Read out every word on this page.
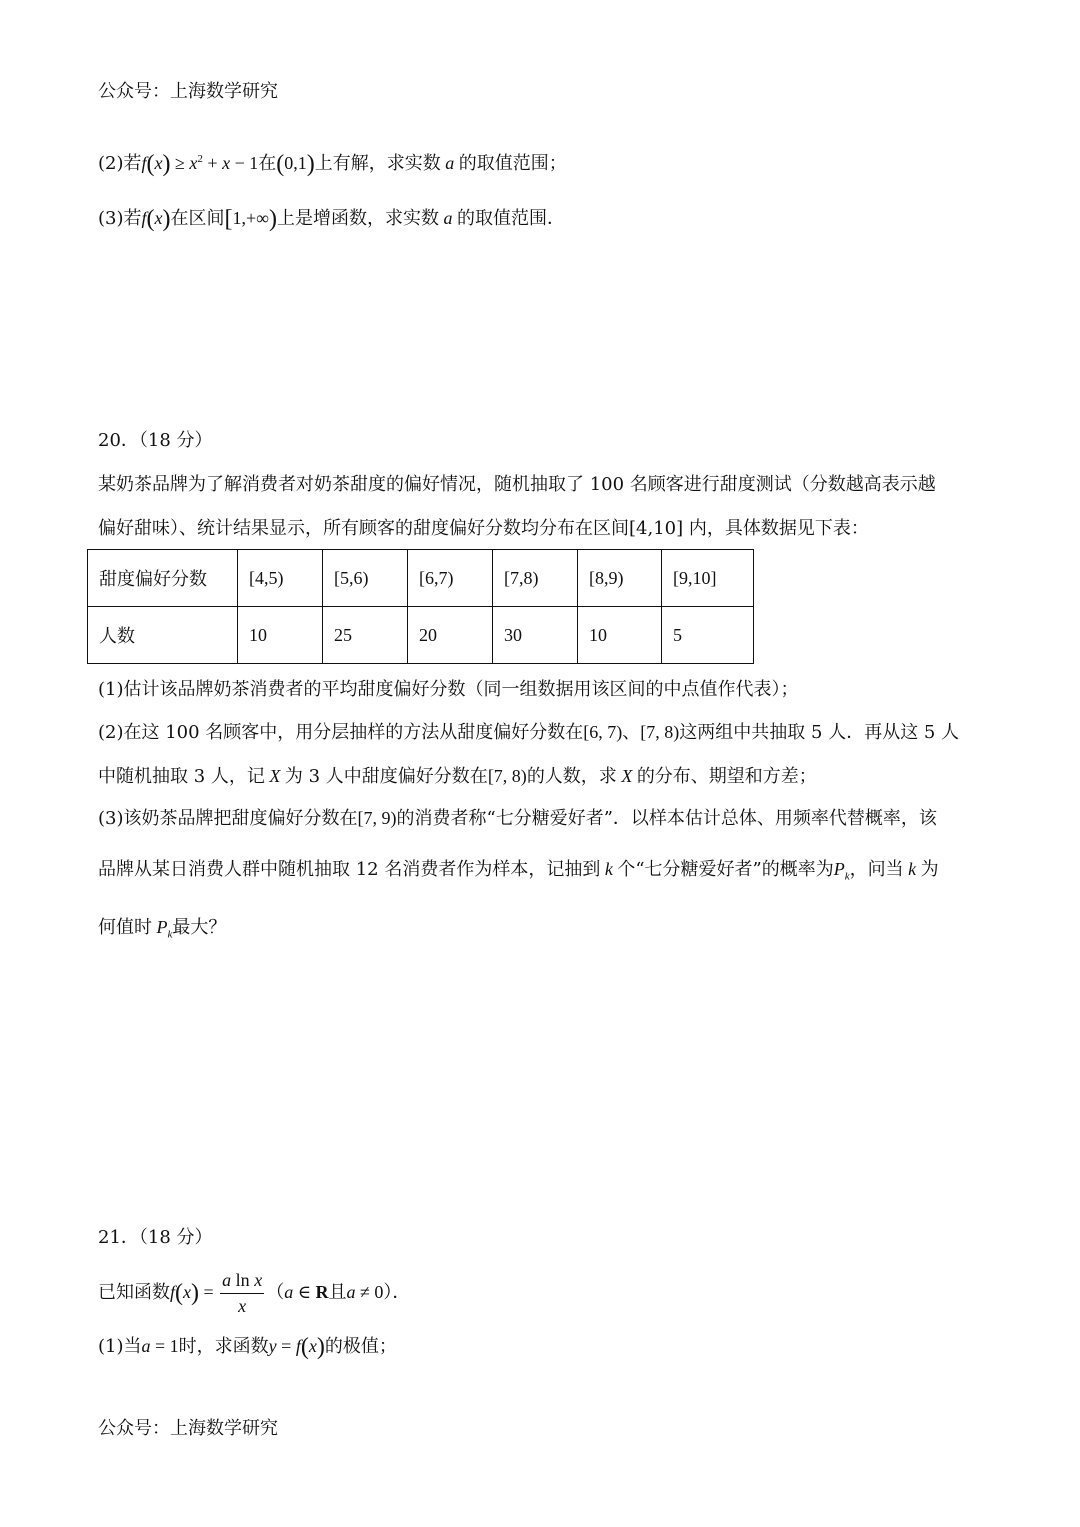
公众号：上海数学研究
(2)若$f(x) \ge x^2 + x - 1$在(0,1)上有解，求实数 a 的取值范围；
(3)若f(x)在区间[1,+∞)上是增函数，求实数 a 的取值范围．
20．（18 分）
某奶茶品牌为了解消费者对奶茶甜度的偏好情况，随机抽取了 100 名顾客进行甜度测试（分数越高表示越
偏好甜味）、统计结果显示，所有顾客的甜度偏好分数均分布在区间[4,10] 内，具体数据见下表：
甜度偏好分数	[4,5)	[5,6)	[6,7)	[7,8)	[8,9)	[9,10]
人数	10	25	20	30	10	5
(1)估计该品牌奶茶消费者的平均甜度偏好分数（同一组数据用该区间的中点值作代表）；
(2)在这 100 名顾客中，用分层抽样的方法从甜度偏好分数在[6, 7)、[7, 8)这两组中共抽取 5 人．再从这 5 人
中随机抽取 3 人，记 X 为 3 人中甜度偏好分数在[7, 8)的人数，求 X 的分布、期望和方差；
(3)该奶茶品牌把甜度偏好分数在[7, 9)的消费者称“七分糖爱好者”．以样本估计总体、用频率代替概率，该
品牌从某日消费人群中随机抽取 12 名消费者作为样本，记抽到 k 个“七分糖爱好者”的概率为$P_k$，问当 k 为
何值时 $P_k$最大？
21．（18 分）
已知函数$f(x) = \frac{\text{a ln x}}{x} (a$ ∈ R且a ≠ 0）．
(1)当a = 1时，求函数y = f(x)的极值；
公众号：上海数学研究
